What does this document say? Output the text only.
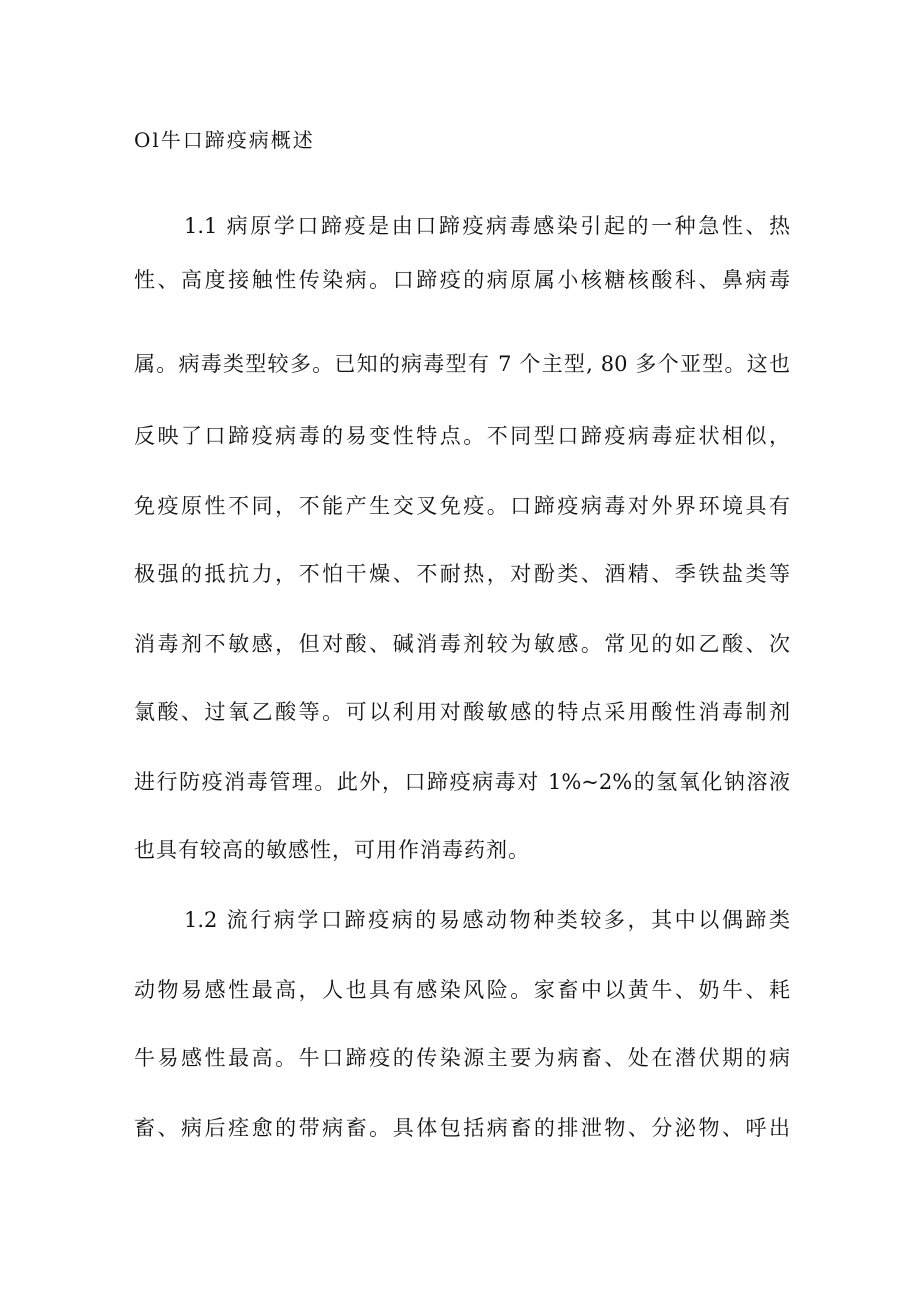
Ol牛口蹄疫病概述
1.1 病原学口蹄疫是由口蹄疫病毒感染引起的一种急性、热
性、高度接触性传染病。口蹄疫的病原属小核糖核酸科、鼻病毒
属。病毒类型较多。已知的病毒型有 7 个主型, 80 多个亚型。这也
反映了口蹄疫病毒的易变性特点。不同型口蹄疫病毒症状相似，
免疫原性不同，不能产生交叉免疫。口蹄疫病毒对外界环境具有
极强的抵抗力，不怕干燥、不耐热，对酚类、酒精、季铁盐类等
消毒剂不敏感，但对酸、碱消毒剂较为敏感。常见的如乙酸、次
氯酸、过氧乙酸等。可以利用对酸敏感的特点采用酸性消毒制剂
进行防疫消毒管理。此外，口蹄疫病毒对 1%~2%的氢氧化钠溶液
也具有较高的敏感性，可用作消毒药剂。
1.2 流行病学口蹄疫病的易感动物种类较多，其中以偶蹄类
动物易感性最高，人也具有感染风险。家畜中以黄牛、奶牛、耗
牛易感性最高。牛口蹄疫的传染源主要为病畜、处在潜伏期的病
畜、病后痊愈的带病畜。具体包括病畜的排泄物、分泌物、呼出
